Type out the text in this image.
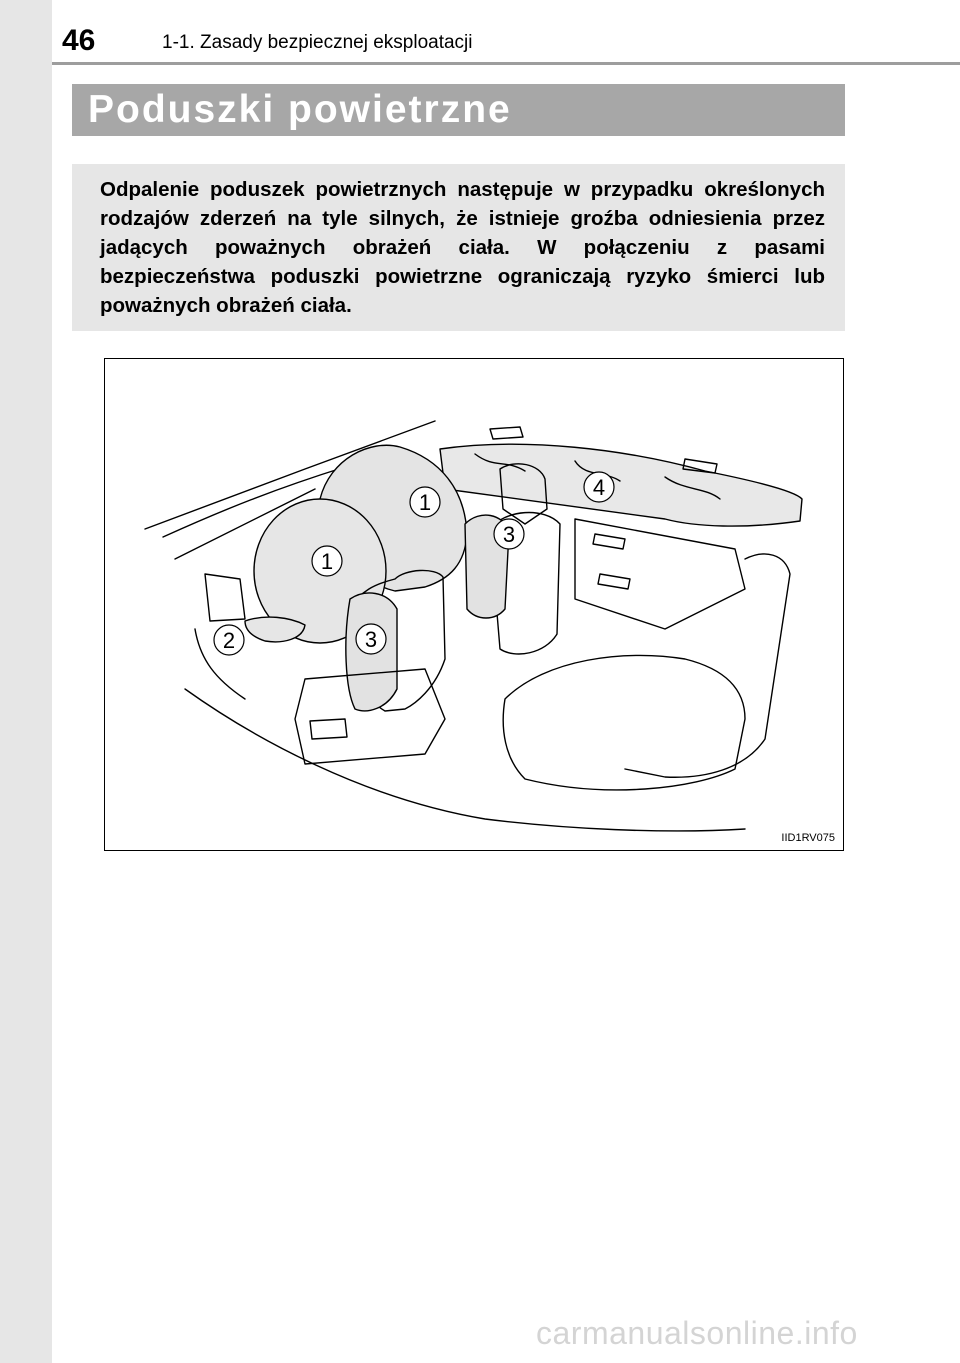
46	1-1. Zasady bezpiecznej eksploatacji
Poduszki powietrzne
Odpalenie poduszek powietrznych następuje w przypadku określonych rodzajów zderzeń na tyle silnych, że istnieje groźba odniesienia przez jadących poważnych obrażeń ciała. W połączeniu z pasami bezpieczeństwa poduszki powietrzne ograniczają ryzyko śmierci lub poważnych obrażeń ciała.
1
1
2	3
3
4
IID1RV075
carmanualsonline.info
